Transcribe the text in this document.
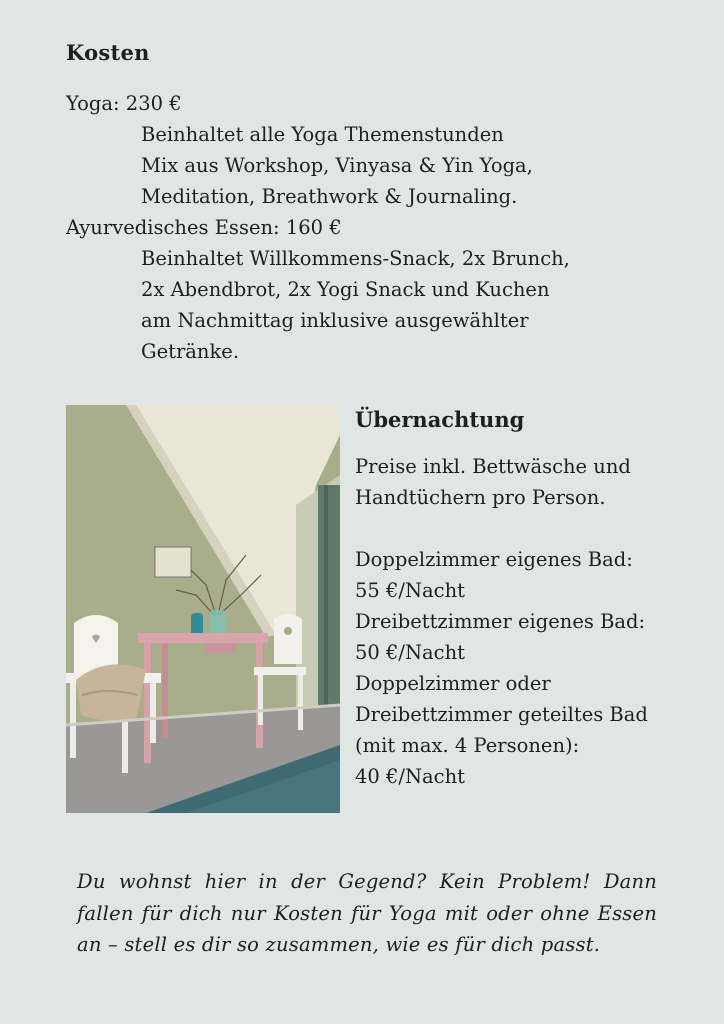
Kosten
Yoga: 230 €
Beinhaltet alle Yoga Themenstunden
Mix aus Workshop, Vinyasa & Yin Yoga,
Meditation, Breathwork & Journaling.
Ayurvedisches Essen: 160 €
Beinhaltet Willkommens-Snack, 2x Brunch,
2x Abendbrot, 2x Yogi Snack und Kuchen
am Nachmittag inklusive ausgewählter
Getränke.
Übernachtung
Preise inkl. Bettwäsche und
Handtüchern pro Person.
Doppelzimmer eigenes Bad:
55 €/Nacht
Dreibettzimmer eigenes Bad:
50 €/Nacht
Doppelzimmer oder
Dreibettzimmer geteiltes Bad
(mit max. 4 Personen):
40 €/Nacht
Du wohnst hier in der Gegend? Kein Problem! Dann
fallen für dich nur Kosten für Yoga mit oder ohne Essen
an – stell es dir so zusammen, wie es für dich passt.
